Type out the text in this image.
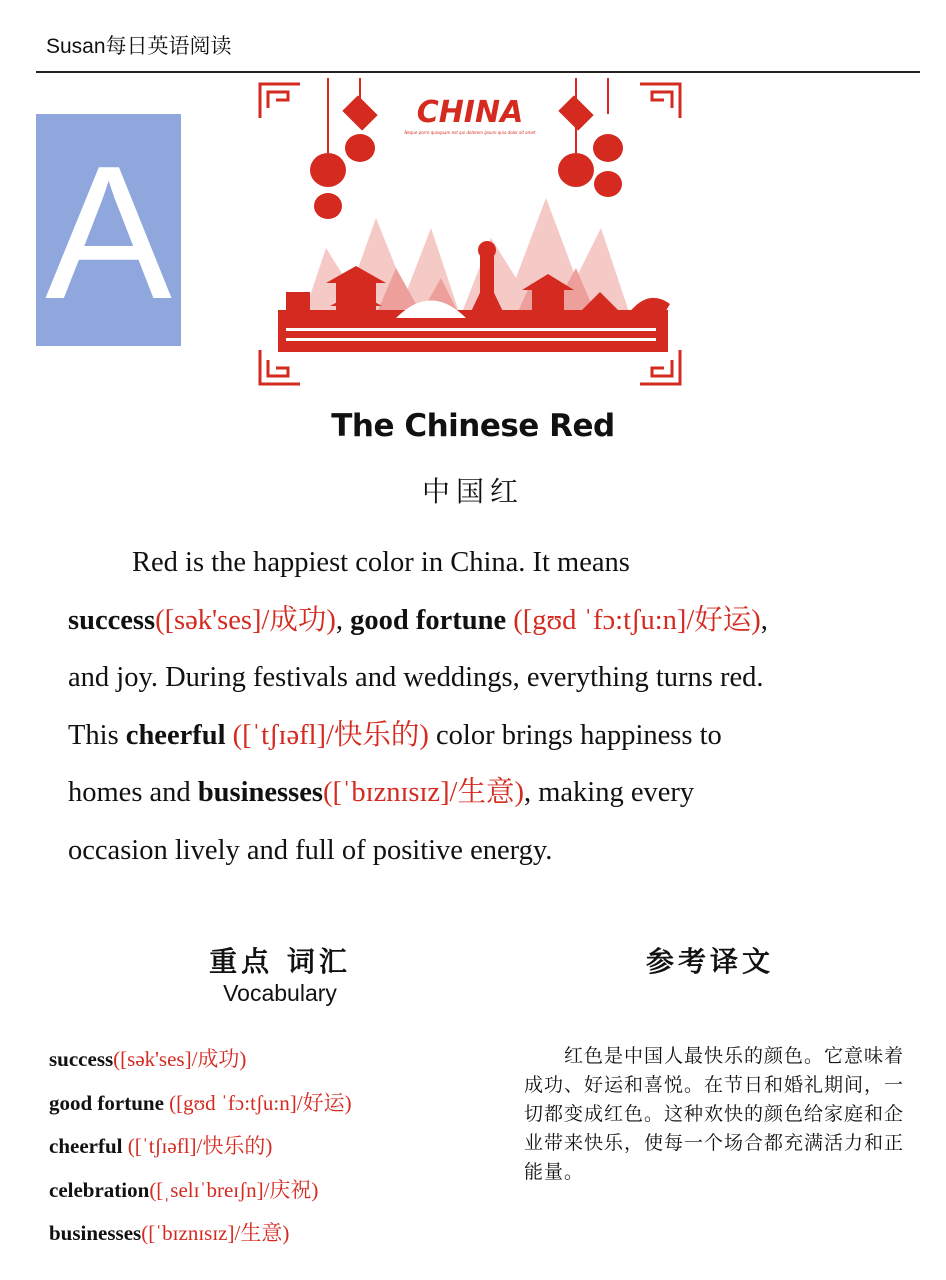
Susan每日英语阅读
A
CHINA
Neque porro quisquam est qui dolorem ipsum quia dolor sit amet
The Chinese Red
中国红
Red is the happiest color in China. It means
success([sək'ses]/成功), good fortune ([gʊd ˈfɔ:tʃu:n]/好运),
and joy. During festivals and weddings, everything turns red.
This cheerful ([ˈtʃɪəfl]/快乐的) color brings happiness to
homes and businesses([ˈbɪznɪsɪz]/生意), making every
occasion lively and full of positive energy.
重点 词汇
Vocabulary
success([sək'ses]/成功)
good fortune ([gʊd ˈfɔ:tʃu:n]/好运)
cheerful ([ˈtʃɪəfl]/快乐的)
celebration([ˌselɪˈbreɪʃn]/庆祝)
businesses([ˈbɪznɪsɪz]/生意)
参考译文
红色是中国人最快乐的颜色。它意味着成功、好运和喜悦。在节日和婚礼期间，一切都变成红色。这种欢快的颜色给家庭和企业带来快乐，使每一个场合都充满活力和正能量。
